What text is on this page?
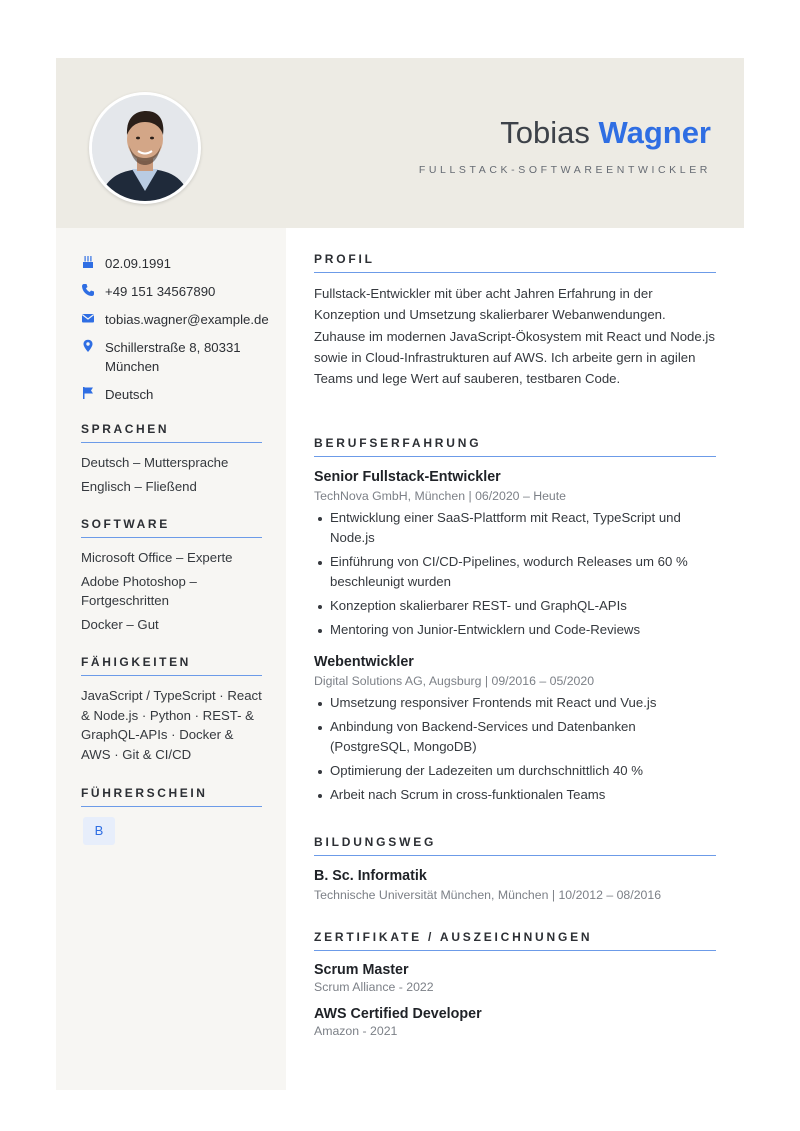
Tobias Wagner
FULLSTACK-SOFTWAREENTWICKLER
02.09.1991
+49 151 34567890
tobias.wagner@example.de
Schillerstraße 8, 80331 München
Deutsch
SPRACHEN
Deutsch – Muttersprache
Englisch – Fließend
SOFTWARE
Microsoft Office – Experte
Adobe Photoshop – Fortgeschritten
Docker – Gut
FÄHIGKEITEN
JavaScript / TypeScript · React & Node.js · Python · REST- & GraphQL-APIs · Docker & AWS · Git & CI/CD
FÜHRERSCHEIN
B
PROFIL

Fullstack-Entwickler mit über acht Jahren Erfahrung in der Konzeption und Umsetzung skalierbarer Webanwendungen. Zuhause im modernen JavaScript-Ökosystem mit React und Node.js sowie in Cloud-Infrastrukturen auf AWS. Ich arbeite gern in agilen Teams und lege Wert auf sauberen, testbaren Code.

BERUFSERFAHRUNG
Senior Fullstack-Entwickler
TechNova GmbH, München | 06/2020 – Heute
Entwicklung einer SaaS-Plattform mit React, TypeScript und Node.js
Einführung von CI/CD-Pipelines, wodurch Releases um 60 % beschleunigt wurden
Konzeption skalierbarer REST- und GraphQL-APIs
Mentoring von Junior-Entwicklern und Code-Reviews
Webentwickler
Digital Solutions AG, Augsburg | 09/2016 – 05/2020
Umsetzung responsiver Frontends mit React und Vue.js
Anbindung von Backend-Services und Datenbanken (PostgreSQL, MongoDB)
Optimierung der Ladezeiten um durchschnittlich 40 %
Arbeit nach Scrum in cross-funktionalen Teams
BILDUNGSWEG
B. Sc. Informatik
Technische Universität München, München | 10/2012 – 08/2016
ZERTIFIKATE / AUSZEICHNUNGEN
Scrum Master
Scrum Alliance - 2022
AWS Certified Developer
Amazon - 2021
